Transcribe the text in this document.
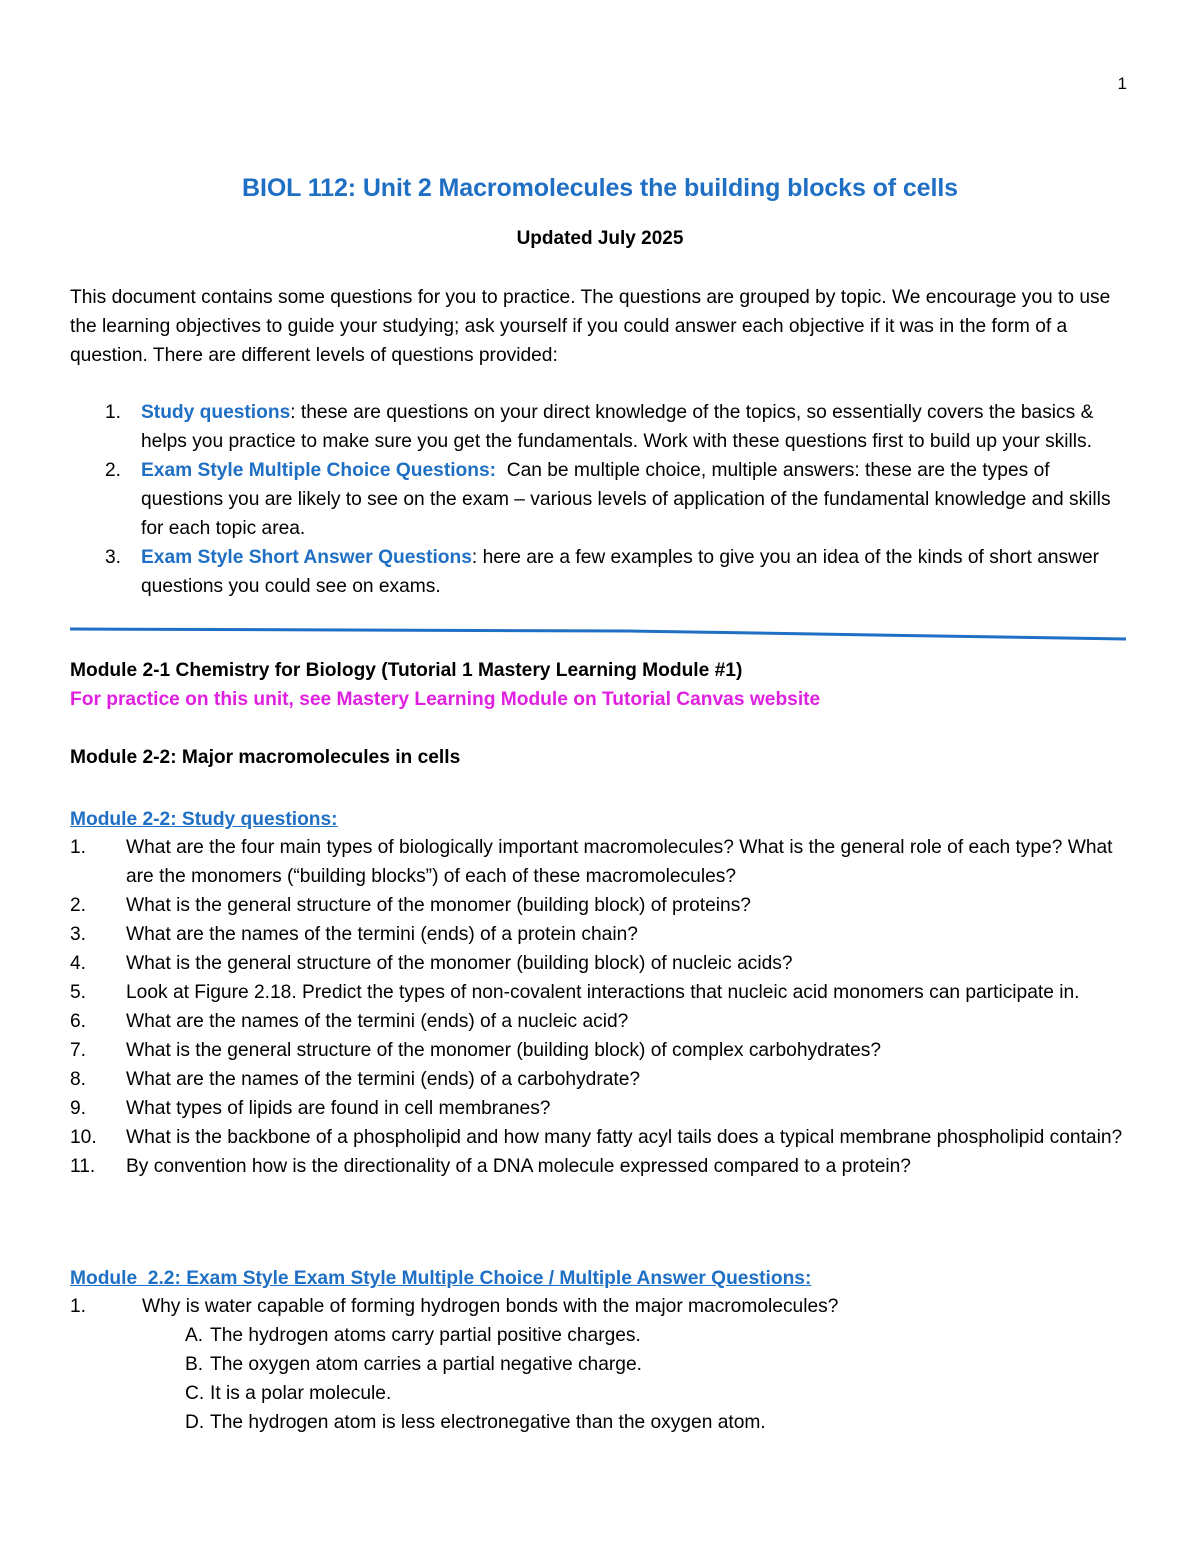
1
BIOL 112: Unit 2 Macromolecules the building blocks of cells
Updated July 2025
This document contains some questions for you to practice. The questions are grouped by topic. We encourage you to use the learning objectives to guide your studying; ask yourself if you could answer each objective if it was in the form of a question. There are different levels of questions provided:
1. Study questions: these are questions on your direct knowledge of the topics, so essentially covers the basics & helps you practice to make sure you get the fundamentals. Work with these questions first to build up your skills.
2. Exam Style Multiple Choice Questions:  Can be multiple choice, multiple answers: these are the types of questions you are likely to see on the exam – various levels of application of the fundamental knowledge and skills for each topic area.
3. Exam Style Short Answer Questions: here are a few examples to give you an idea of the kinds of short answer questions you could see on exams.
Module 2-1 Chemistry for Biology (Tutorial 1 Mastery Learning Module #1)
For practice on this unit, see Mastery Learning Module on Tutorial Canvas website
Module 2-2: Major macromolecules in cells
Module 2-2: Study questions:
1. What are the four main types of biologically important macromolecules? What is the general role of each type? What are the monomers (“building blocks”) of each of these macromolecules?
2. What is the general structure of the monomer (building block) of proteins?
3. What are the names of the termini (ends) of a protein chain?
4. What is the general structure of the monomer (building block) of nucleic acids?
5. Look at Figure 2.18. Predict the types of non-covalent interactions that nucleic acid monomers can participate in.
6. What are the names of the termini (ends) of a nucleic acid?
7. What is the general structure of the monomer (building block) of complex carbohydrates?
8. What are the names of the termini (ends) of a carbohydrate?
9. What types of lipids are found in cell membranes?
10. What is the backbone of a phospholipid and how many fatty acyl tails does a typical membrane phospholipid contain?
11. By convention how is the directionality of a DNA molecule expressed compared to a protein?
Module  2.2: Exam Style Exam Style Multiple Choice / Multiple Answer Questions:
1.	Why is water capable of forming hydrogen bonds with the major macromolecules?
A. The hydrogen atoms carry partial positive charges.
B. The oxygen atom carries a partial negative charge.
C. It is a polar molecule.
D. The hydrogen atom is less electronegative than the oxygen atom.
